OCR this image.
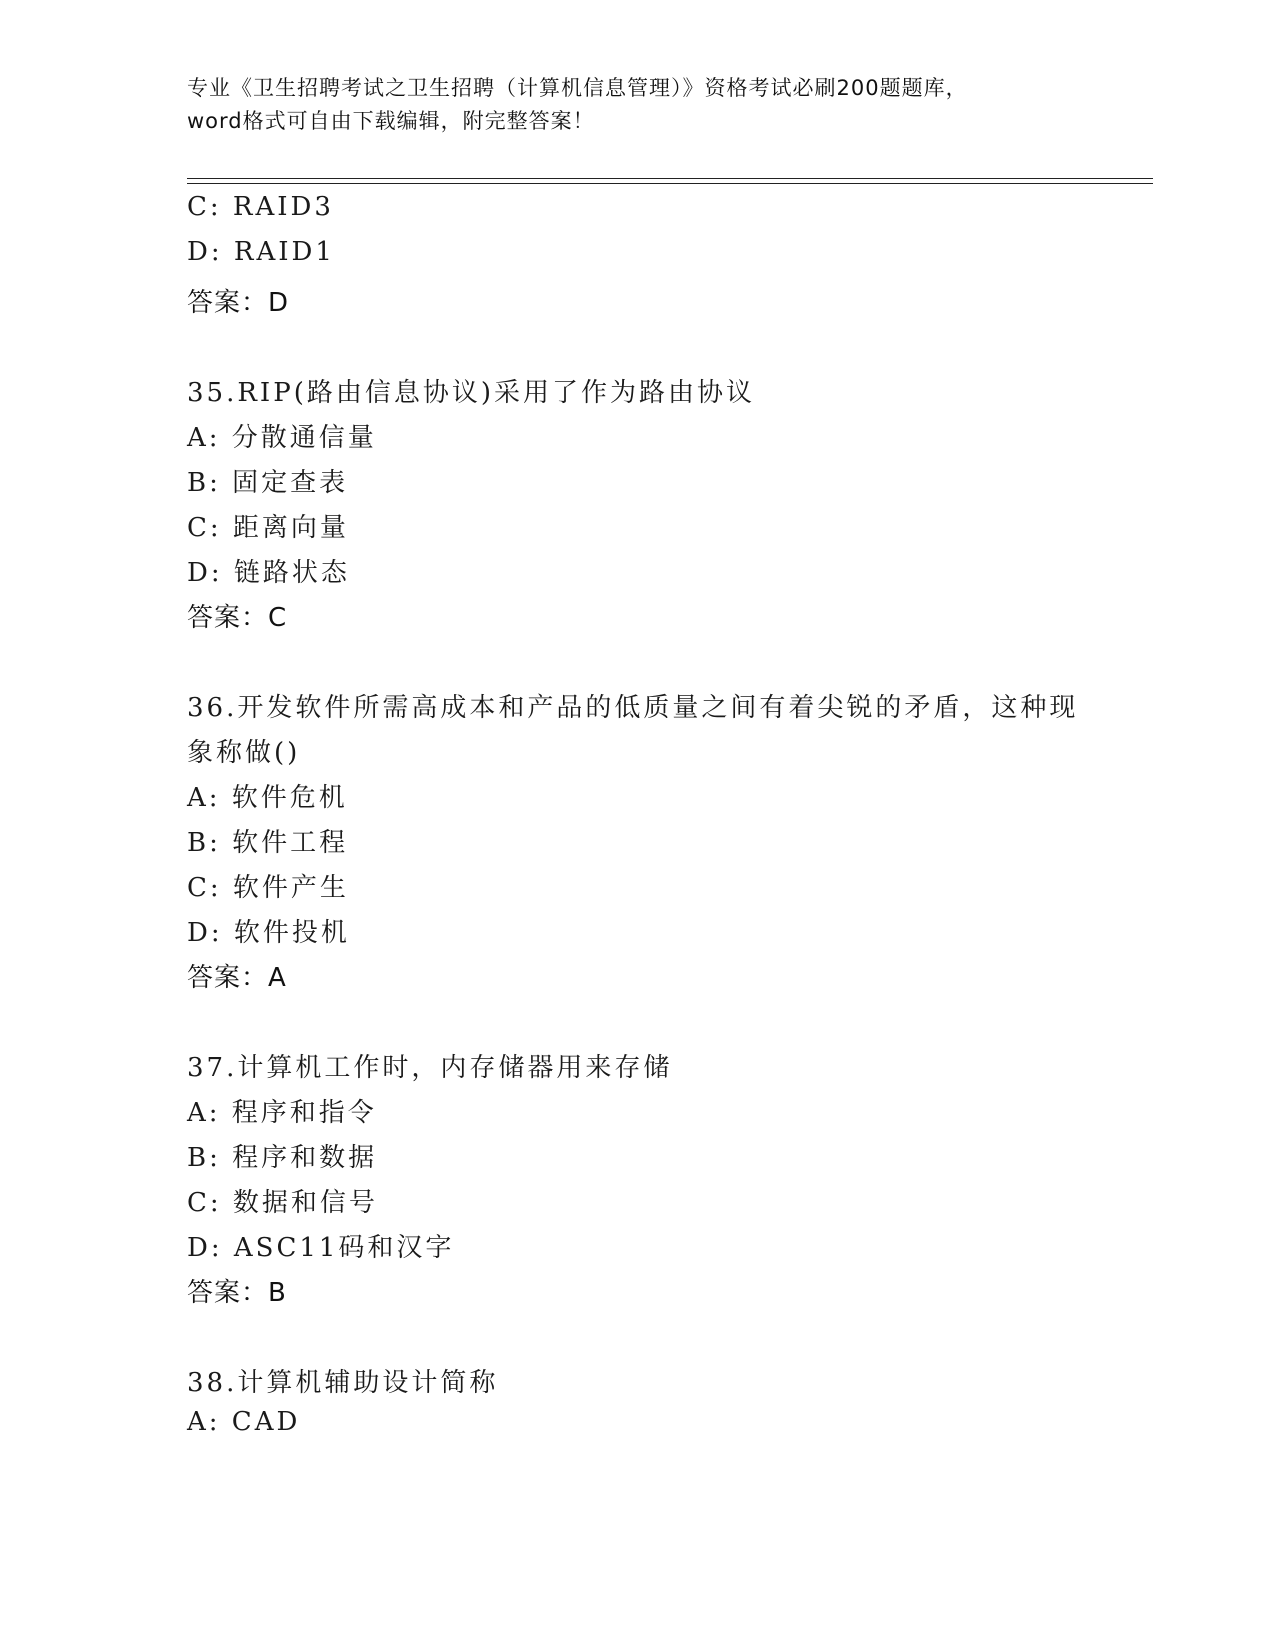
专业《卫生招聘考试之卫生招聘（计算机信息管理）》资格考试必刷200题题库，
word格式可自由下载编辑，附完整答案！
C: RAID3
D: RAID1
答案：D
35.RIP(路由信息协议)采用了作为路由协议
A: 分散通信量
B: 固定查表
C: 距离向量
D: 链路状态
答案：C
36.开发软件所需高成本和产品的低质量之间有着尖锐的矛盾，这种现
象称做()
A: 软件危机
B: 软件工程
C: 软件产生
D: 软件投机
答案：A
37.计算机工作时，内存储器用来存储
A: 程序和指令
B: 程序和数据
C: 数据和信号
D: ASC11码和汉字
答案：B
38.计算机辅助设计简称
A: CAD
